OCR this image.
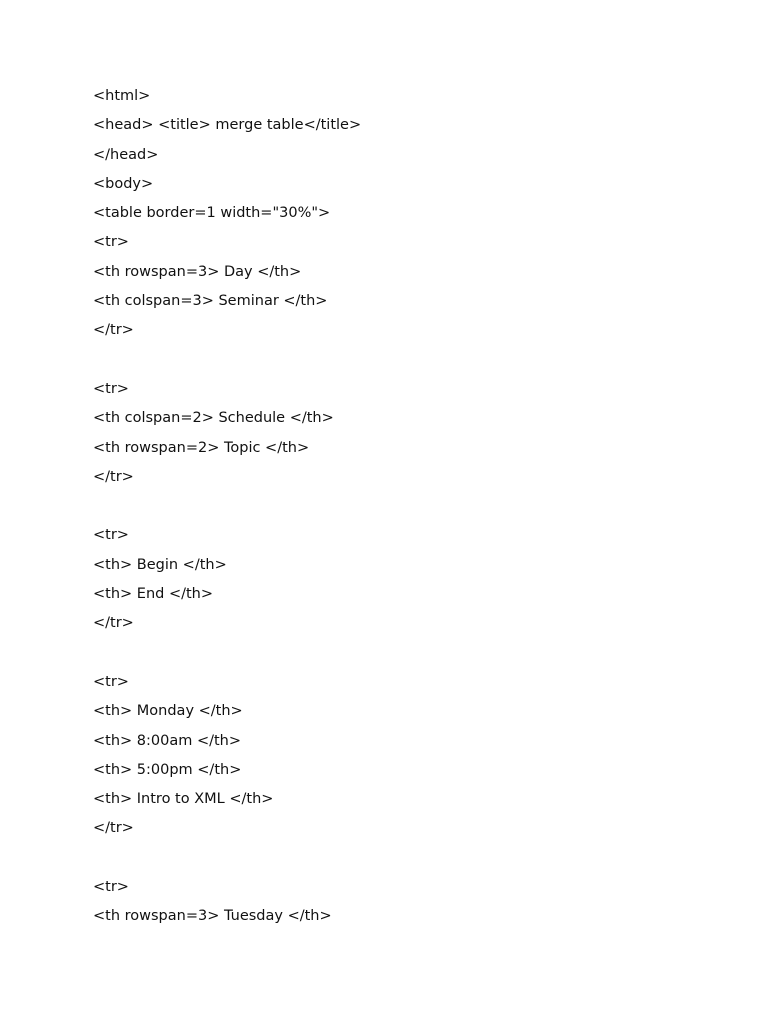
<html>
<head> <title> merge table</title>
</head>
<body>
<table border=1 width="30%">
<tr>
<th rowspan=3> Day </th>
<th colspan=3> Seminar </th>
</tr>
<tr>
<th colspan=2> Schedule </th>
<th rowspan=2> Topic </th>
</tr>
<tr>
<th> Begin </th>
<th> End </th>
</tr>
<tr>
<th> Monday </th>
<th> 8:00am </th>
<th> 5:00pm </th>
<th> Intro to XML </th>
</tr>
<tr>
<th rowspan=3> Tuesday </th>
